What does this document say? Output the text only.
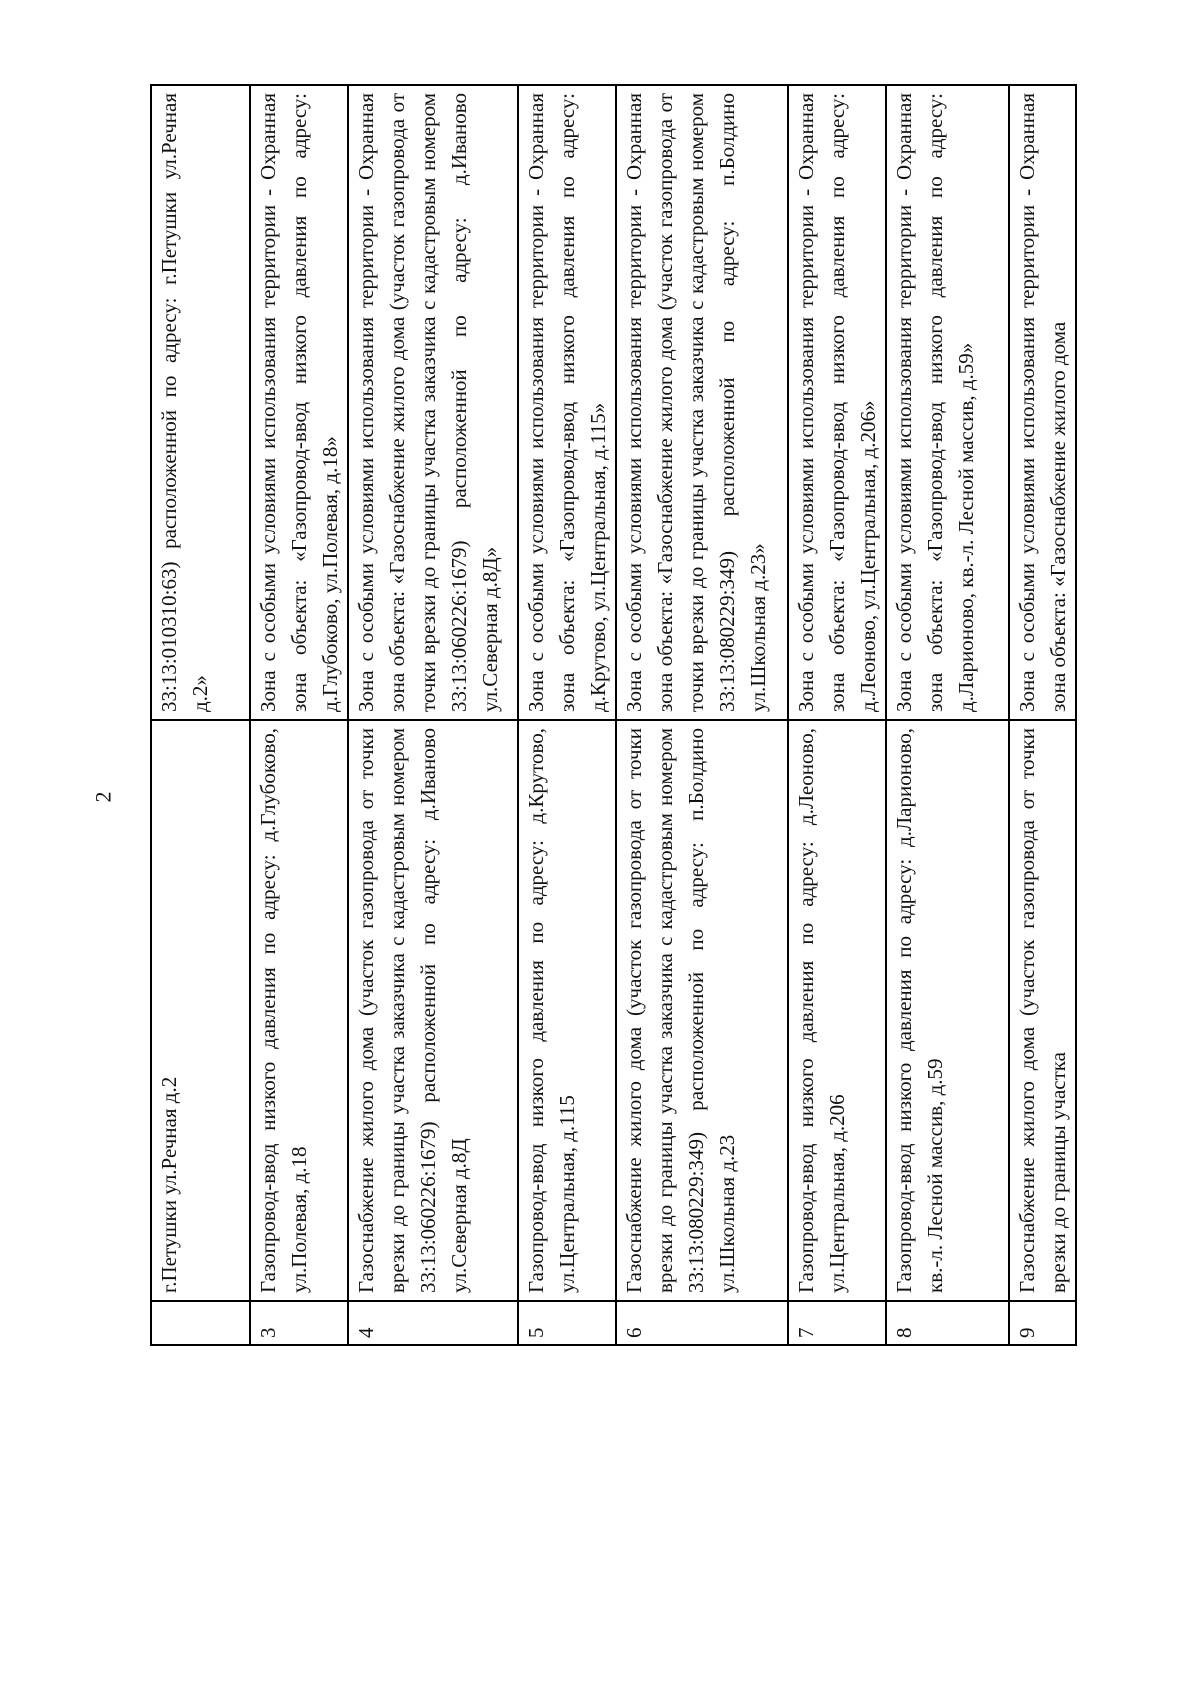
2
	г.Петушки ул.Речная д.2	33:13:010310:63) расположенной по адресу: г.Петушки ул.Речная д.2»
3	Газопровод-ввод низкого давления по адресу: д.Глубоково, ул.Полевая, д.18	Зона с особыми условиями использования территории - Охранная зона объекта: «Газопровод-ввод низкого давления по адресу: д.Глубоково, ул.Полевая, д.18»
4	Газоснабжение жилого дома (участок газопровода от точки врезки до границы участка заказчика с кадастровым номером 33:13:060226:1679) расположенной по адресу: д.Иваново ул.Северная д.8Д	Зона с особыми условиями использования территории - Охранная зона объекта: «Газоснабжение жилого дома (участок газопровода от точки врезки до границы участка заказчика с кадастровым номером 33:13:060226:1679) расположенной по адресу: д.Иваново ул.Северная д.8Д»
5	Газопровод-ввод низкого давления по адресу: д.Крутово, ул.Центральная, д.115	Зона с особыми условиями использования территории - Охранная зона объекта: «Газопровод-ввод низкого давления по адресу: д.Крутово, ул.Центральная, д.115»
6	Газоснабжение жилого дома (участок газопровода от точки врезки до границы участка заказчика с кадастровым номером 33:13:080229:349) расположенной по адресу: п.Болдино ул.Школьная д.23	Зона с особыми условиями использования территории - Охранная зона объекта: «Газоснабжение жилого дома (участок газопровода от точки врезки до границы участка заказчика с кадастровым номером 33:13:080229:349) расположенной по адресу: п.Болдино ул.Школьная д.23»
7	Газопровод-ввод низкого давления по адресу: д.Леоново, ул.Центральная, д.206	Зона с особыми условиями использования территории - Охранная зона объекта: «Газопровод-ввод низкого давления по адресу: д.Леоново, ул.Центральная, д.206»
8	Газопровод-ввод низкого давления по адресу: д.Ларионово, кв.-л. Лесной массив, д.59	Зона с особыми условиями использования территории - Охранная зона объекта: «Газопровод-ввод низкого давления по адресу: д.Ларионово, кв.-л. Лесной массив, д.59»
9	Газоснабжение жилого дома (участок газопровода от точки врезки до границы участка	Зона с особыми условиями использования территории - Охранная зона объекта: «Газоснабжение жилого дома
